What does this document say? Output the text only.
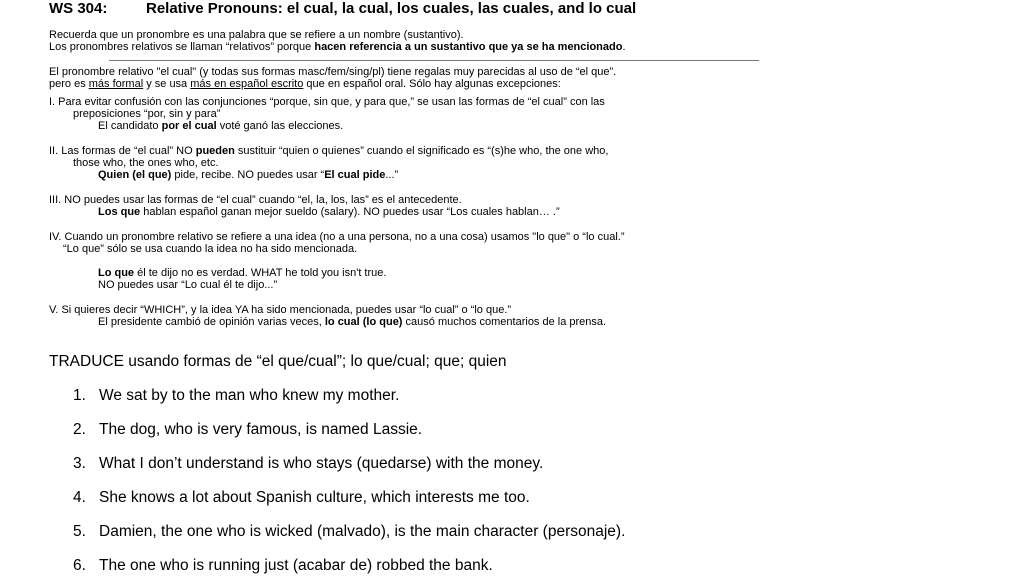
WS 304:	Relative Pronouns: el cual, la cual, los cuales, las cuales, and lo cual
Recuerda que un pronombre es una palabra que se refiere a un nombre (sustantivo).
Los pronombres relativos se llaman “relativos” porque hacen referencia a un sustantivo que ya se ha mencionado.
El pronombre relativo "el cual" (y todas sus formas masc/fem/sing/pl) tiene regalas muy parecidas al uso de “el que”.
pero es más formal y se usa más en español escrito que en español oral. Sólo hay algunas excepciones:
I. Para evitar confusión con las conjunciones “porque, sin que, y para que,” se usan las formas de “el cual” con las
preposiciones “por, sin y para”
El candidato por el cual voté ganó las elecciones.
II. Las formas de “el cual” NO pueden sustituir “quien o quienes” cuando el significado es “(s)he who, the one who,
those who, the ones who, etc.
Quien (el que) pide, recibe. NO puedes usar “El cual pide...”
III. NO puedes usar las formas de “el cual” cuando “el, la, los, las” es el antecedente.
Los que hablan español ganan mejor sueldo (salary). NO puedes usar “Los cuales hablan… .”
IV. Cuando un pronombre relativo se refiere a una idea (no a una persona, no a una cosa) usamos "lo que" o “lo cual.”
“Lo que” sólo se usa cuando la idea no ha sido mencionada.
Lo que él te dijo no es verdad. WHAT he told you isn't true.
NO puedes usar “Lo cual él te dijo...”
V. Si quieres decir “WHICH”, y la idea YA ha sido mencionada, puedes usar “lo cual” o “lo que.”
El presidente cambió de opinión varias veces, lo cual (lo que) causó muchos comentarios de la prensa.
TRADUCE usando formas de “el que/cual”; lo que/cual; que; quien
1. We sat by to the man who knew my mother.
2. The dog, who is very famous, is named Lassie.
3. What I don’t understand is who stays (quedarse) with the money.
4. She knows a lot about Spanish culture, which interests me too.
5. Damien, the one who is wicked (malvado), is the main character (personaje).
6. The one who is running just (acabar de) robbed the bank.
